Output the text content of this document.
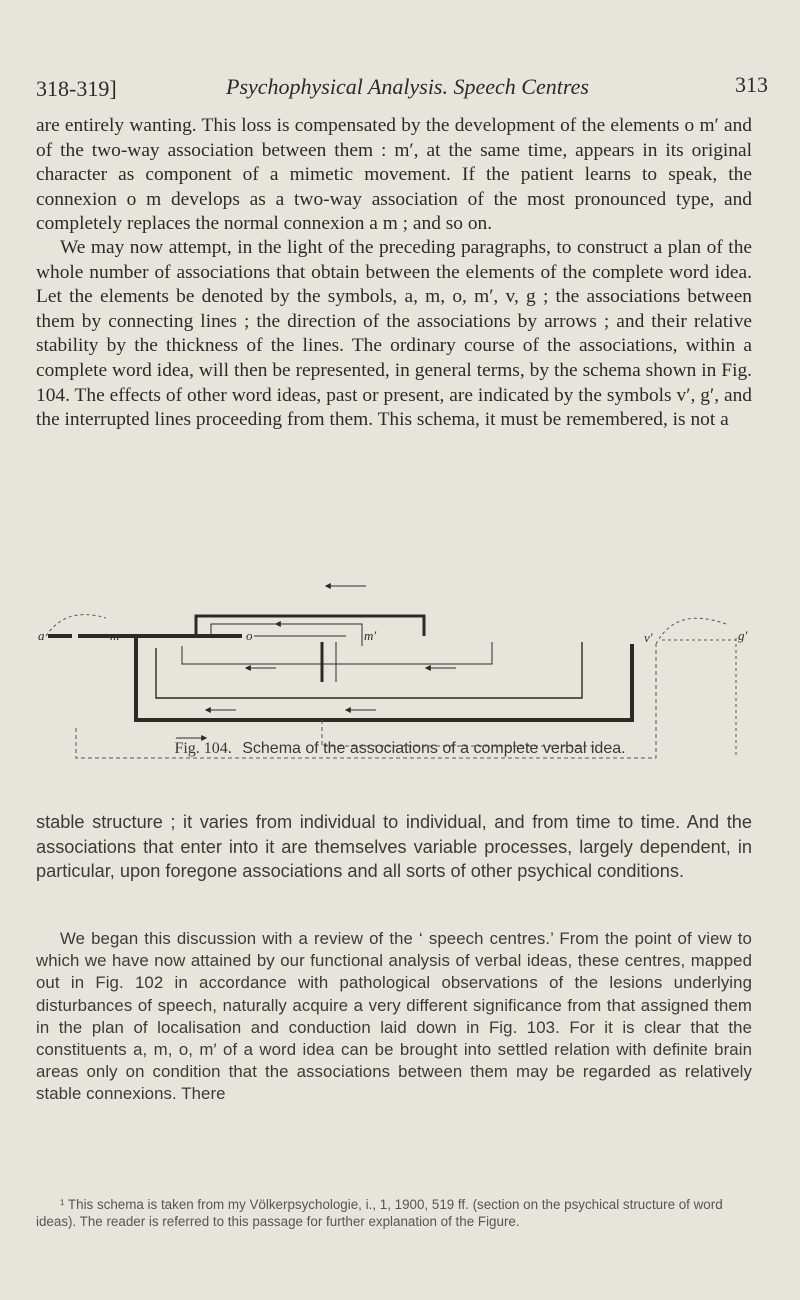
318-319]	Psychophysical Analysis. Speech Centres	313

are entirely wanting. This loss is compensated by the development of the elements o m′ and of the two-way association between them : m′, at the same time, appears in its original character as component of a mimetic movement. If the patient learns to speak, the connexion o m develops as a two-way association of the most pronounced type, and completely replaces the normal connexion a m ; and so on.

We may now attempt, in the light of the preceding paragraphs, to construct a plan of the whole number of associations that obtain between the elements of the complete word idea. Let the elements be denoted by the symbols, a, m, o, m′, v, g ; the associations between them by connecting lines ; the direction of the associations by arrows ; and their relative stability by the thickness of the lines. The ordinary course of the associations, within a complete word idea, will then be represented, in general terms, by the schema shown in Fig. 104. The effects of other word ideas, past or present, are indicated by the symbols v′, g′, and the interrupted lines proceeding from them. This schema, it must be remembered, is not a

a	m	o	m′	v′	g′
Fig. 104. Schema of the associations of a complete verbal idea.

stable structure ; it varies from individual to individual, and from time to time. And the associations that enter into it are themselves variable processes, largely dependent, in particular, upon foregone associations and all sorts of other psychical conditions.

We began this discussion with a review of the ‘ speech centres.’ From the point of view to which we have now attained by our functional analysis of verbal ideas, these centres, mapped out in Fig. 102 in accordance with pathological observations of the lesions underlying disturbances of speech, naturally acquire a very different significance from that assigned them in the plan of localisation and conduction laid down in Fig. 103. For it is clear that the constituents a, m, o, m′ of a word idea can be brought into settled relation with definite brain areas only on condition that the associations between them may be regarded as relatively stable connexions. There

¹ This schema is taken from my Völkerpsychologie, i., 1, 1900, 519 ff. (section on the psychical structure of word ideas). The reader is referred to this passage for further explanation of the Figure.
